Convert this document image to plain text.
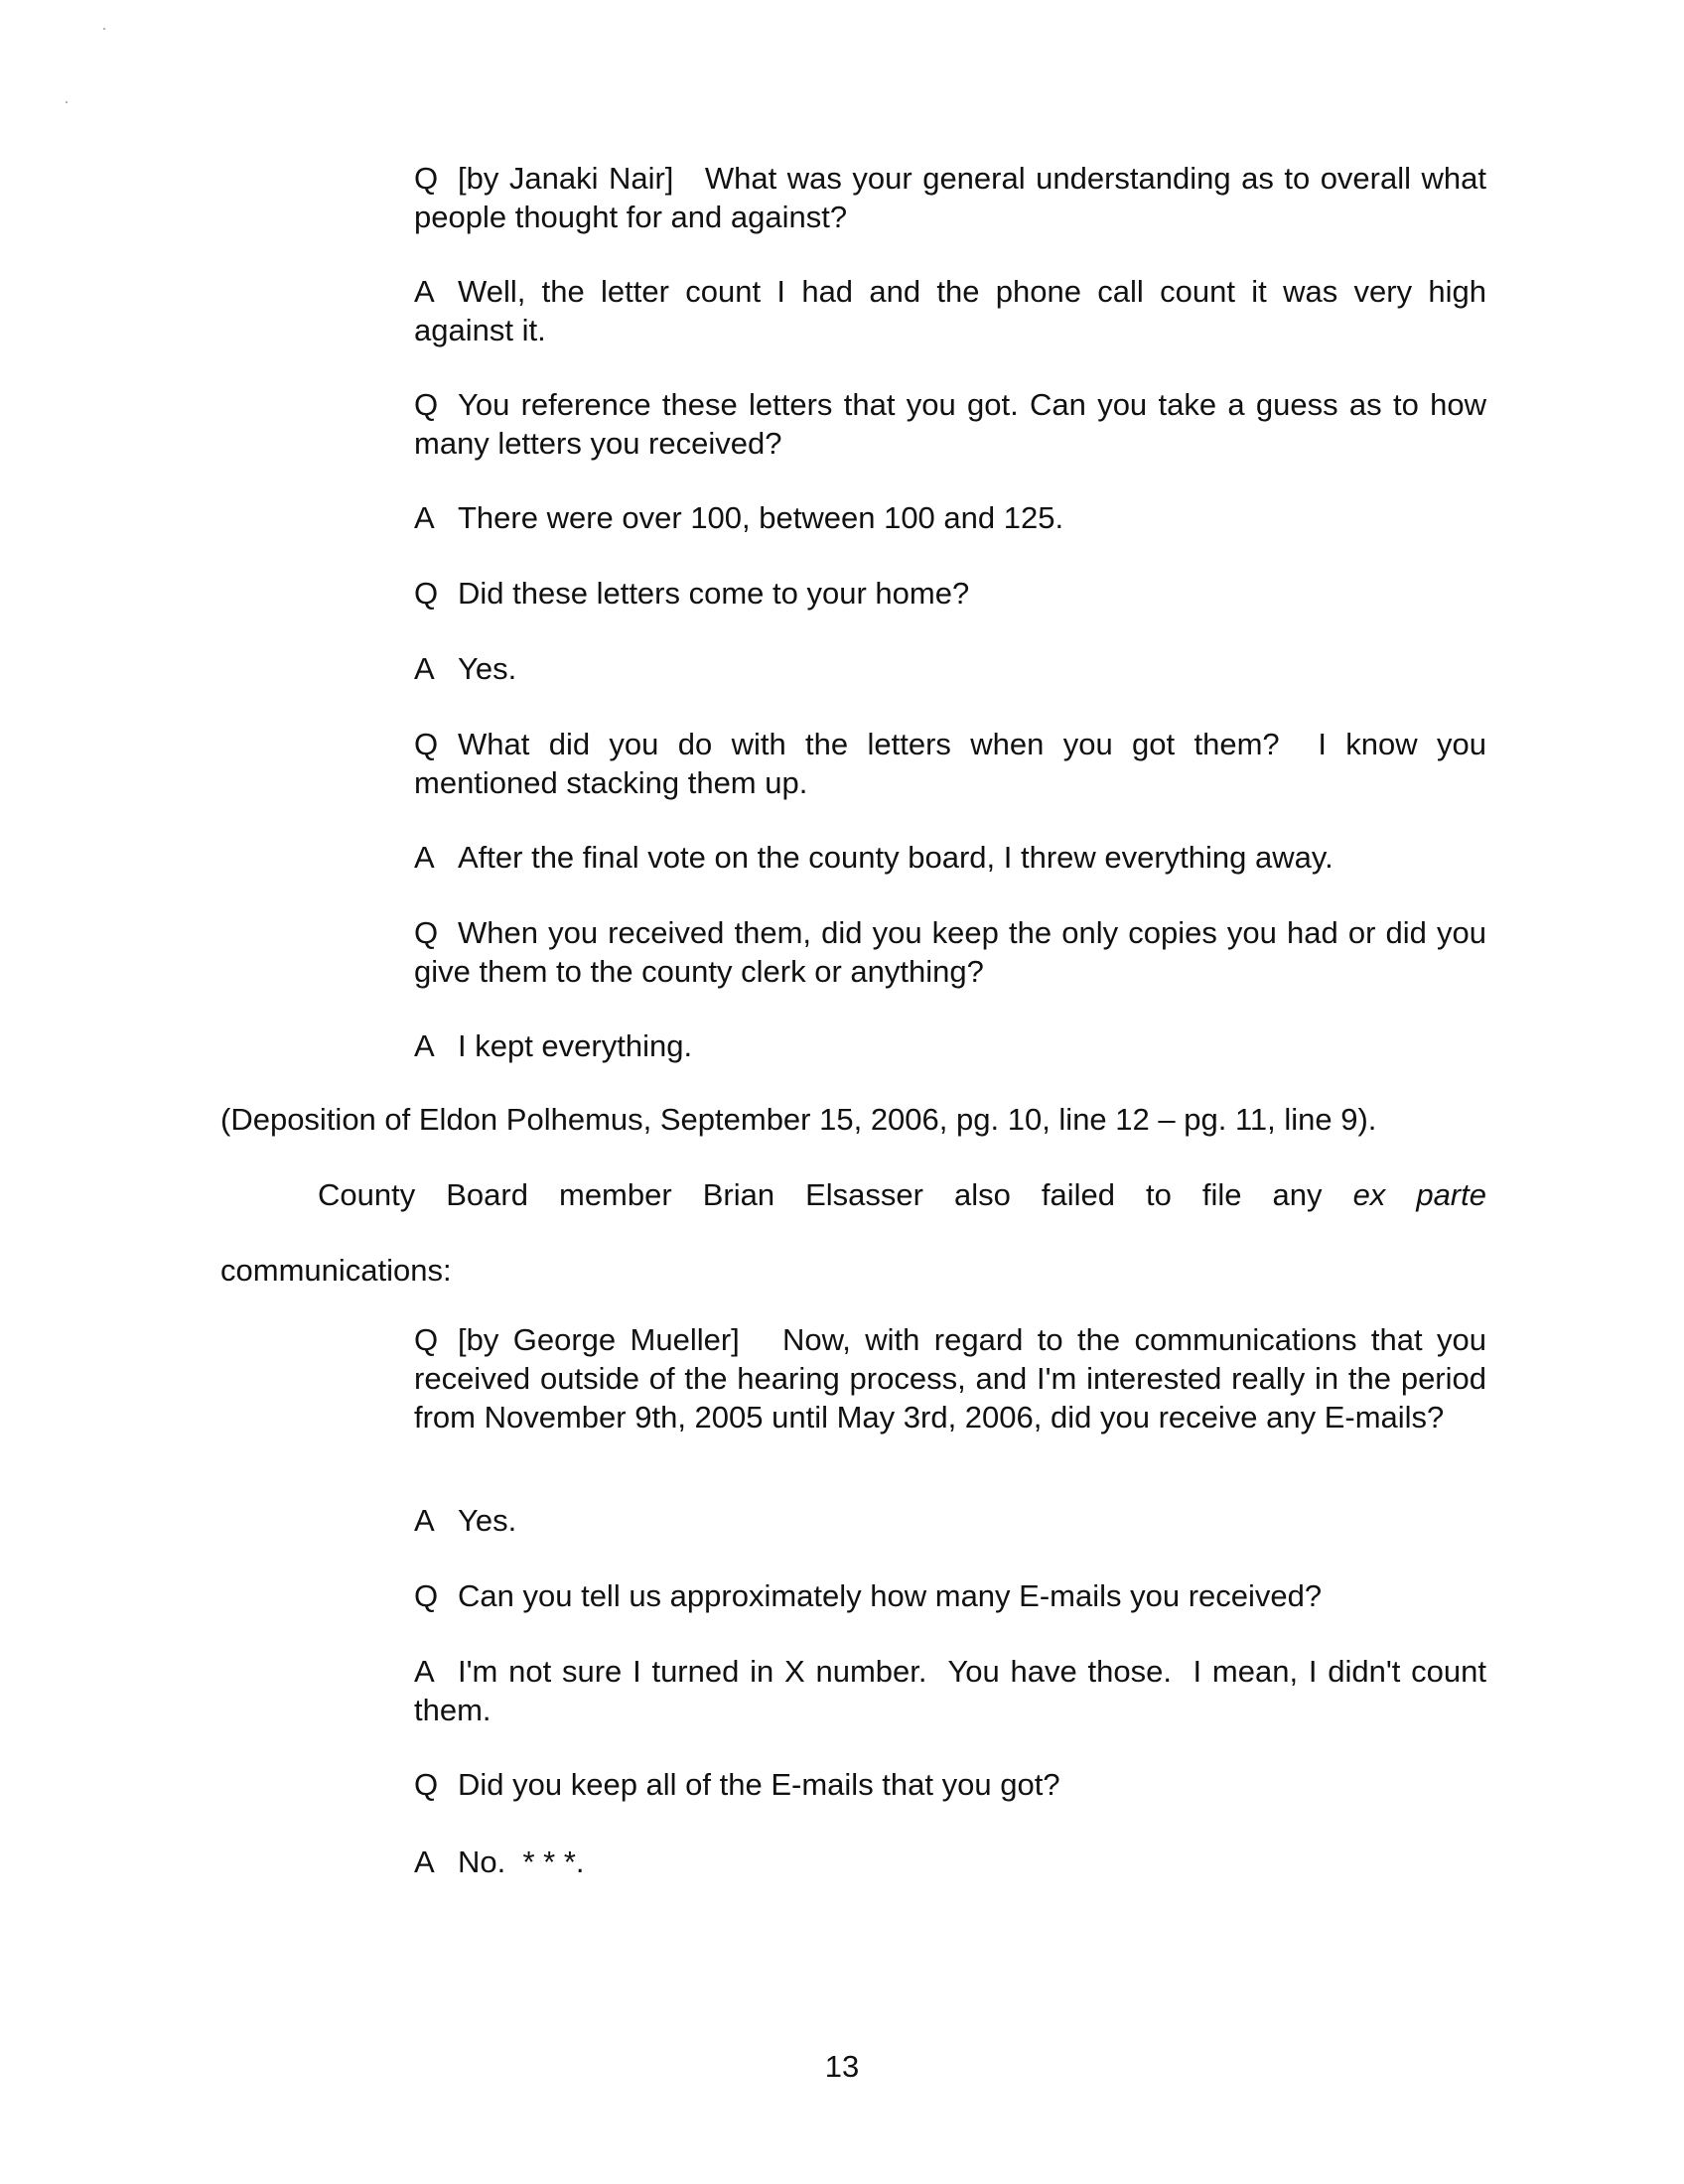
Q [by Janaki Nair]   What was your general understanding as to overall what people thought for and against?

A Well, the letter count I had and the phone call count it was very high against it.

Q You reference these letters that you got. Can you take a guess as to how many letters you received?

A There were over 100, between 100 and 125.

Q Did these letters come to your home?

A Yes.

Q What did you do with the letters when you got them?  I know you mentioned stacking them up.

A After the final vote on the county board, I threw everything away.

Q When you received them, did you keep the only copies you had or did you give them to the county clerk or anything?

A I kept everything.

(Deposition of Eldon Polhemus, September 15, 2006, pg. 10, line 12 – pg. 11, line 9).

County Board member Brian Elsasser also failed to file any ex parte

communications:

Q [by George Mueller]   Now, with regard to the communications that you received outside of the hearing process, and I'm interested really in the period from November 9th, 2005 until May 3rd, 2006, did you receive any E-mails?

A Yes.

Q Can you tell us approximately how many E-mails you received?

A I'm not sure I turned in X number.  You have those.  I mean, I didn't count them.

Q Did you keep all of the E-mails that you got?

A No.  * * *.

13
